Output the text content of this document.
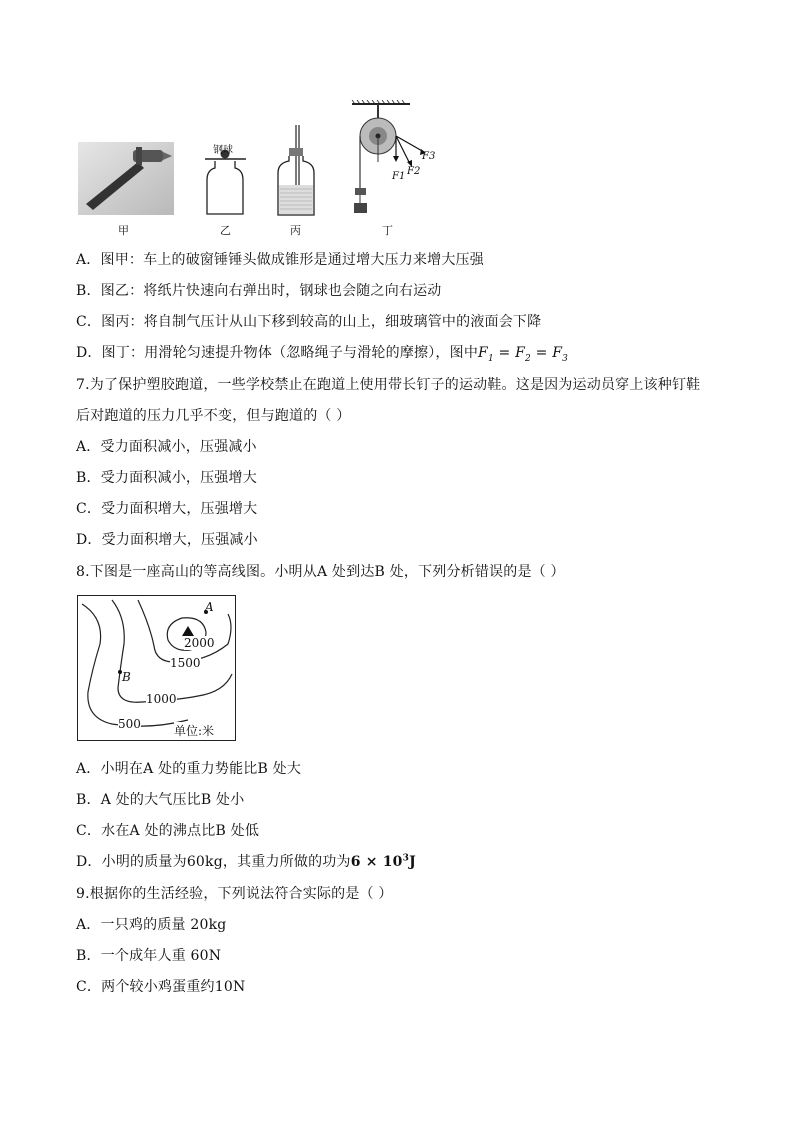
甲
钢球
乙	丙
F1 F2
F3
丁
A．图甲：车上的破窗锤锤头做成锥形是通过增大压力来增大压强
B．图乙：将纸片快速向右弹出时，钢球也会随之向右运动
C．图丙：将自制气压计从山下移到较高的山上，细玻璃管中的液面会下降
D．图丁：用滑轮匀速提升物体（忽略绳子与滑轮的摩擦），图中$F_1 = F_2 = F_3$
7.为了保护塑胶跑道，一些学校禁止在跑道上使用带长钉子的运动鞋。这是因为运动员穿上该种钉鞋
后对跑道的压力几乎不变，但与跑道的（ ）
A．受力面积减小，压强减小
B．受力面积减小，压强增大
C．受力面积增大，压强增大
D．受力面积增大，压强减小
8.下图是一座高山的等高线图。小明从A 处到达B 处，下列分析错误的是（ ）
A
B
2000
1500
1000
500	单位:米
A．小明在A 处的重力势能比B 处大
B．A 处的大气压比B 处小
C．水在A 处的沸点比B 处低
D．小明的质量为60kg，其重力所做的功为$6 \times 10^3J$
9.根据你的生活经验，下列说法符合实际的是（ ）
A．一只鸡的质量 20kg
B．一个成年人重 60N
C．两个较小鸡蛋重约10N
